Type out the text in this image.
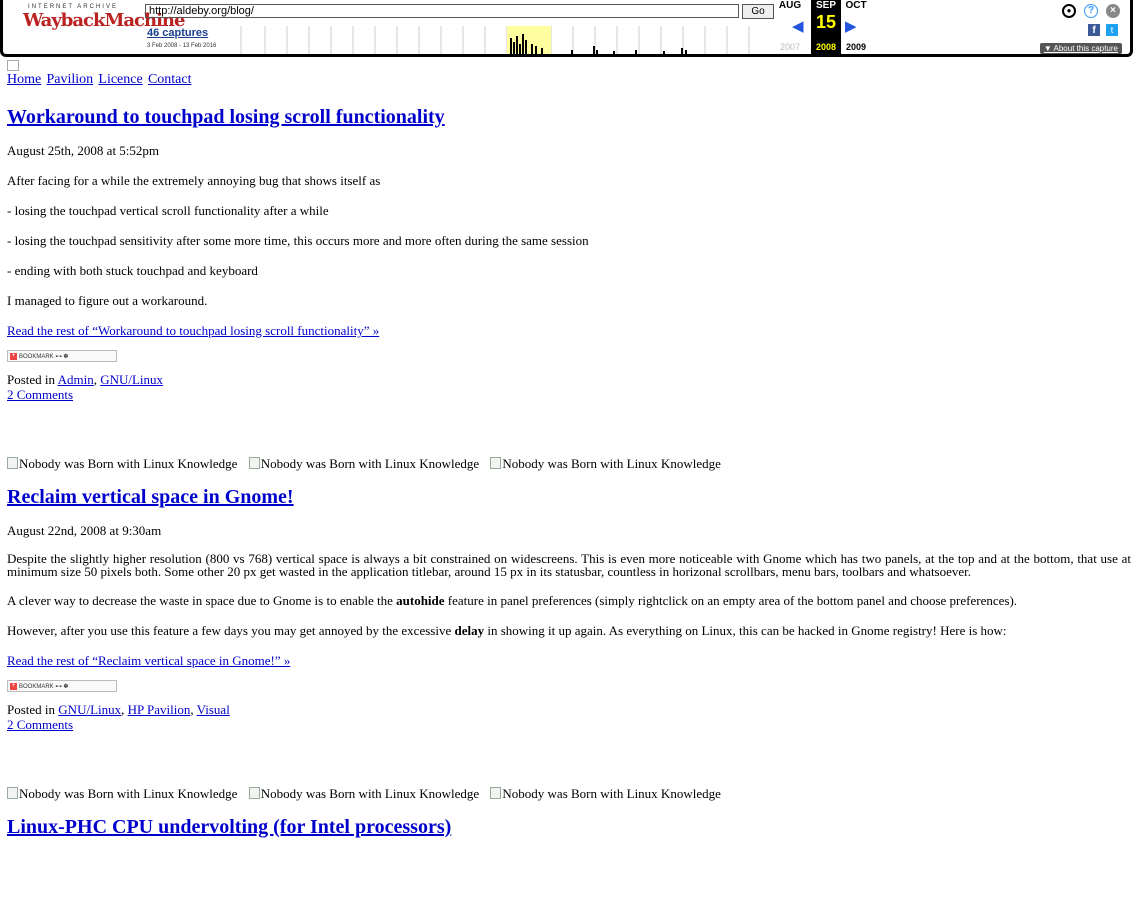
INTERNET ARCHIVE
WaybackMachine
http://aldeby.org/blog/	Go
46 captures
3 Feb 2008 - 13 Feb 2016
AUG
2007
SEP
15
2008
◀	▶
OCT
2009
●	?	×
f	t
▼ About this capture
Home Pavilion Licence Contact
Workaround to touchpad losing scroll functionality

August 25th, 2008 at 5:52pm

After facing for a while the extremely annoying bug that shows itself as

- losing the touchpad vertical scroll functionality after a while

- losing the touchpad sensitivity after some more time, this occurs more and more often during the same session

- ending with both stuck touchpad and keyboard

I managed to figure out a workaround.

Read the rest of “Workaround to touchpad losing scroll functionality” »

+ BOOKMARK ▪▫▪ ✽

Posted in Admin, GNU/Linux

2 Comments

Nobody was Born with Linux Knowledge Nobody was Born with Linux Knowledge Nobody was Born with Linux Knowledge
Reclaim vertical space in Gnome!

August 22nd, 2008 at 9:30am

Despite the slightly higher resolution (800 vs 768) vertical space is always a bit constrained on widescreens. This is even more noticeable with Gnome which has two panels, at the top and at the bottom, that use at minimum size 50 pixels both. Some other 20 px get wasted in the application titlebar, around 15 px in its statusbar, countless in horizonal scrollbars, menu bars, toolbars and whatsoever.

A clever way to decrease the waste in space due to Gnome is to enable the autohide feature in panel preferences (simply rightclick on an empty area of the bottom panel and choose preferences).

However, after you use this feature a few days you may get annoyed by the excessive delay in showing it up again. As everything on Linux, this can be hacked in Gnome registry! Here is how:

Read the rest of “Reclaim vertical space in Gnome!” »

+ BOOKMARK ▪▫▪ ✽

Posted in GNU/Linux, HP Pavilion, Visual

2 Comments

Nobody was Born with Linux Knowledge Nobody was Born with Linux Knowledge Nobody was Born with Linux Knowledge
Linux-PHC CPU undervolting (for Intel processors)
